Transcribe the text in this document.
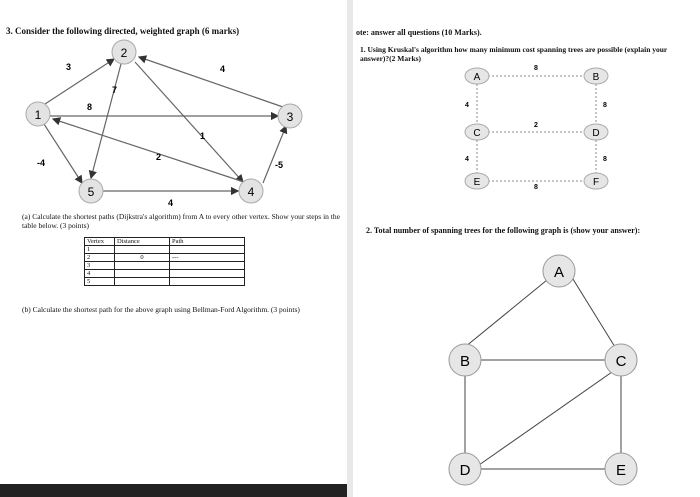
3. Consider the following directed, weighted graph (6 marks)
3	4
7
8
1
2
-4	-5
4
2
1	3
5	4
(a) Calculate the shortest paths (Dijkstra's algorithm) from A to every other vertex. Show your steps in the table below. (3 points)
Vertex	Distance	Path
1		
2	0	---
3		
4		
5		
(b) Calculate the shortest path for the above graph using Bellman-Ford Algorithm. (3 points)
ote: answer all questions (10 Marks).
1. Using Kruskal's algorithm how many minimum cost spanning trees are possible (explain your answer)?(2 Marks)
8
4	8
2
4	8
8
A	B
C	D
E	F
2. Total number of spanning trees for the following graph is (show your answer):
A
B	C
D	E
